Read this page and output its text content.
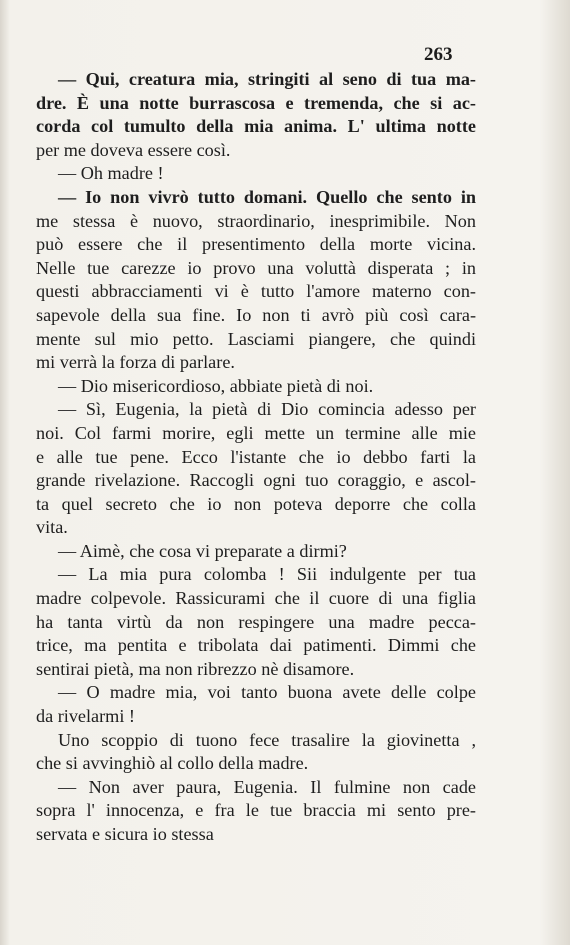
263
— Qui, creatura mia, stringiti al seno di tua ma-
dre. È una notte burrascosa e tremenda, che si ac-
corda col tumulto della mia anima. L' ultima notte
per me doveva essere così.
— Oh madre !
— Io non vivrò tutto domani. Quello che sento in
me stessa è nuovo, straordinario, inesprimibile. Non
può essere che il presentimento della morte vicina.
Nelle tue carezze io provo una voluttà disperata ; in
questi abbracciamenti vi è tutto l'amore materno con-
sapevole della sua fine. Io non ti avrò più così cara-
mente sul mio petto. Lasciami piangere, che quindi
mi verrà la forza di parlare.
— Dio misericordioso, abbiate pietà di noi.
— Sì, Eugenia, la pietà di Dio comincia adesso per
noi. Col farmi morire, egli mette un termine alle mie
e alle tue pene. Ecco l'istante che io debbo farti la
grande rivelazione. Raccogli ogni tuo coraggio, e ascol-
ta quel secreto che io non poteva deporre che colla
vita.
— Aimè, che cosa vi preparate a dirmi?
— La mia pura colomba ! Sii indulgente per tua
madre colpevole. Rassicurami che il cuore di una figlia
ha tanta virtù da non respingere una madre pecca-
trice, ma pentita e tribolata dai patimenti. Dimmi che
sentirai pietà, ma non ribrezzo nè disamore.
— O madre mia, voi tanto buona avete delle colpe
da rivelarmi !
Uno scoppio di tuono fece trasalire la giovinetta ,
che si avvinghiò al collo della madre.
— Non aver paura, Eugenia. Il fulmine non cade
sopra l' innocenza, e fra le tue braccia mi sento pre-
servata e sicura io stessa
